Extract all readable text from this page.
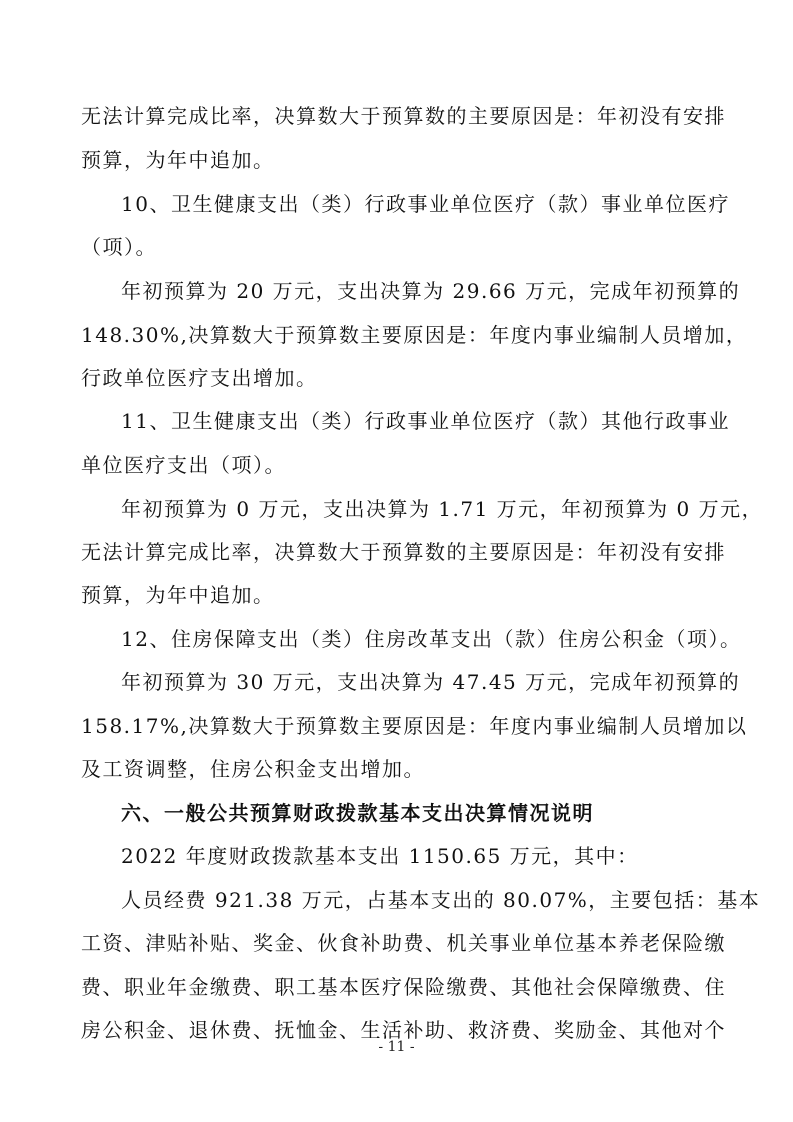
无法计算完成比率，决算数大于预算数的主要原因是：年初没有安排
预算，为年中追加。
10、卫生健康支出（类）行政事业单位医疗（款）事业单位医疗
（项）。
年初预算为 20 万元，支出决算为 29.66 万元，完成年初预算的
148.30%,决算数大于预算数主要原因是：年度内事业编制人员增加，
行政单位医疗支出增加。
11、卫生健康支出（类）行政事业单位医疗（款）其他行政事业
单位医疗支出（项）。
年初预算为 0 万元，支出决算为 1.71 万元，年初预算为 0 万元，
无法计算完成比率，决算数大于预算数的主要原因是：年初没有安排
预算，为年中追加。
12、住房保障支出（类）住房改革支出（款）住房公积金（项）。
年初预算为 30 万元，支出决算为 47.45 万元，完成年初预算的
158.17%,决算数大于预算数主要原因是：年度内事业编制人员增加以
及工资调整，住房公积金支出增加。
六、一般公共预算财政拨款基本支出决算情况说明
2022 年度财政拨款基本支出 1150.65 万元，其中：
人员经费 921.38 万元，占基本支出的 80.07%，主要包括：基本
工资、津贴补贴、奖金、伙食补助费、机关事业单位基本养老保险缴
费、职业年金缴费、职工基本医疗保险缴费、其他社会保障缴费、住
房公积金、退休费、抚恤金、生活补助、救济费、奖励金、其他对个
- 11 -
